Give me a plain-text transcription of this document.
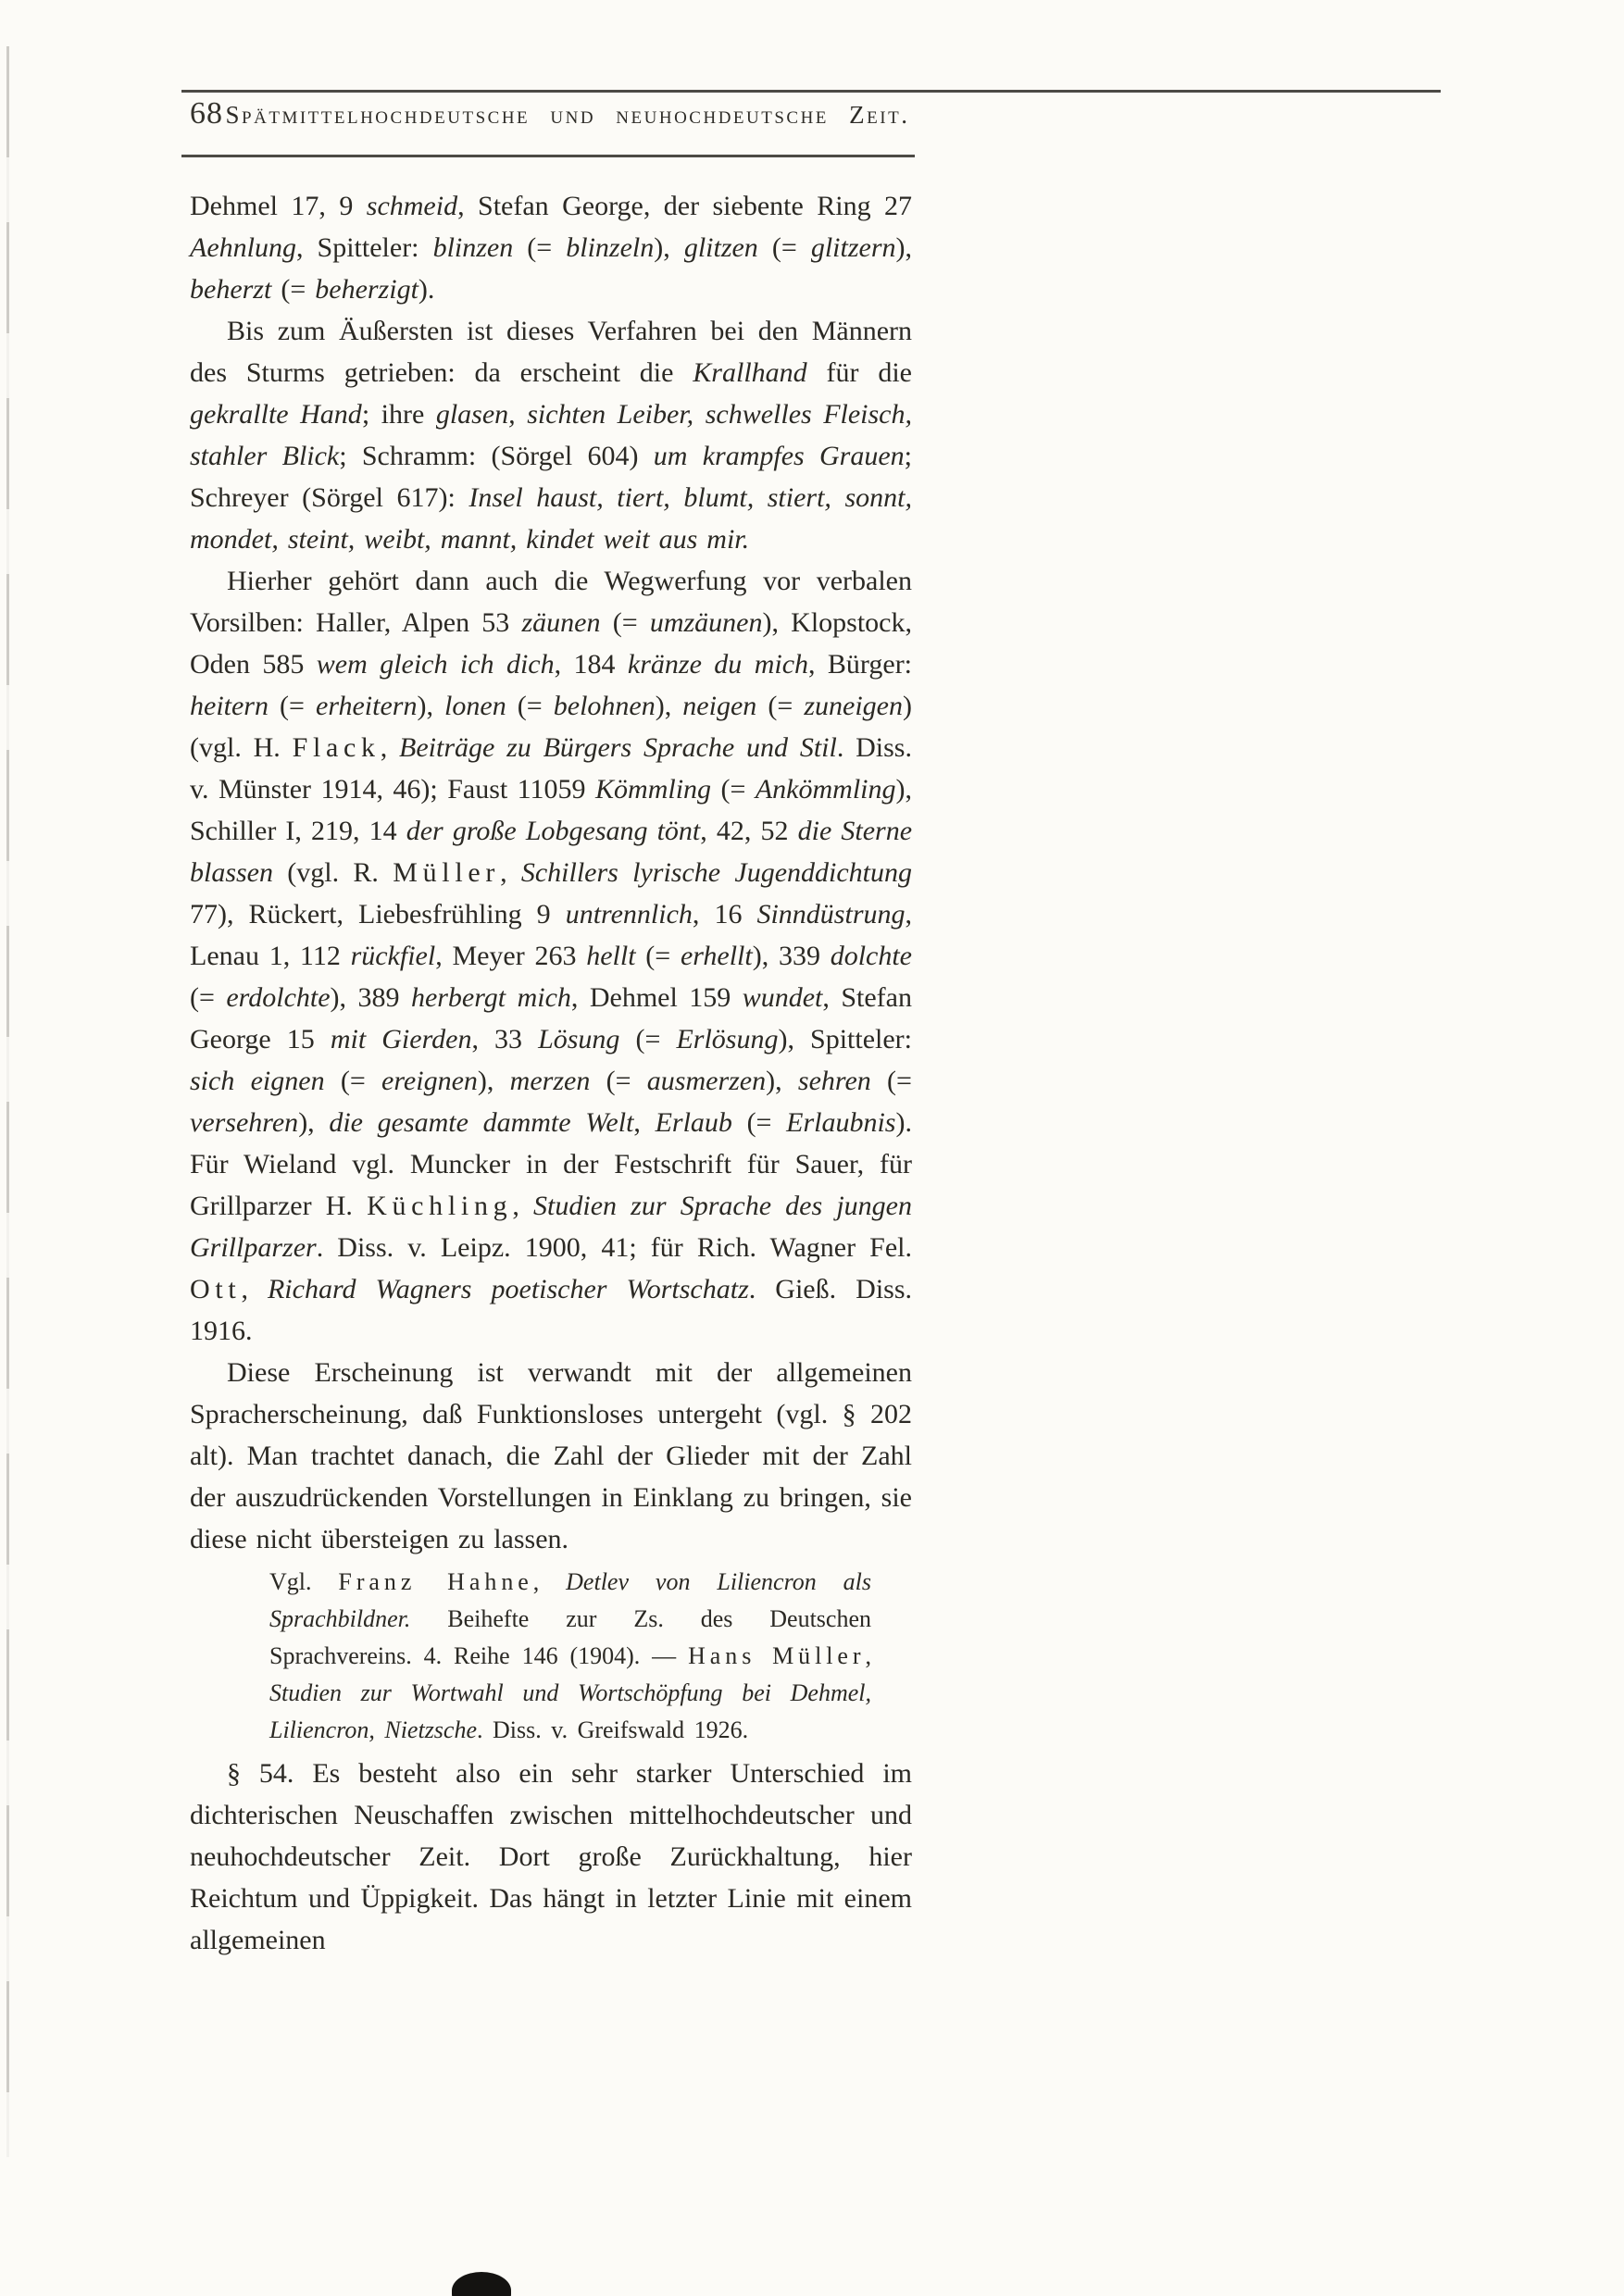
68 Spätmittelhochdeutsche und neuhochdeutsche Zeit.

Dehmel 17, 9 schmeid, Stefan George, der siebente Ring 27 Aehnlung, Spitteler: blinzen (= blinzeln), glitzen (= glitzern), beherzt (= beherzigt).

Bis zum Äußersten ist dieses Verfahren bei den Männern des Sturms getrieben: da erscheint die Krallhand für die gekrallte Hand; ihre glasen, sichten Leiber, schwelles Fleisch, stahler Blick; Schramm: (Sörgel 604) um krampfes Grauen; Schreyer (Sörgel 617): Insel haust, tiert, blumt, stiert, sonnt, mondet, steint, weibt, mannt, kindet weit aus mir.

Hierher gehört dann auch die Wegwerfung vor verbalen Vorsilben: Haller, Alpen 53 zäunen (= umzäunen), Klopstock, Oden 585 wem gleich ich dich, 184 kränze du mich, Bürger: heitern (= erheitern), lonen (= belohnen), neigen (= zuneigen) (vgl. H. Flack, Beiträge zu Bürgers Sprache und Stil. Diss. v. Münster 1914, 46); Faust 11059 Kömmling (= Ankömmling), Schiller I, 219, 14 der große Lobgesang tönt, 42, 52 die Sterne blassen (vgl. R. Müller, Schillers lyrische Jugenddichtung 77), Rückert, Liebesfrühling 9 untrennlich, 16 Sinndüstrung, Lenau 1, 112 rückfiel, Meyer 263 hellt (= erhellt), 339 dolchte (= erdolchte), 389 herbergt mich, Dehmel 159 wundet, Stefan George 15 mit Gierden, 33 Lösung (= Erlösung), Spitteler: sich eignen (= ereignen), merzen (= ausmerzen), sehren (= versehren), die gesamte dammte Welt, Erlaub (= Erlaubnis). Für Wieland vgl. Muncker in der Festschrift für Sauer, für Grillparzer H. Küchling, Studien zur Sprache des jungen Grillparzer. Diss. v. Leipz. 1900, 41; für Rich. Wagner Fel. Ott, Richard Wagners poetischer Wortschatz. Gieß. Diss. 1916.

Diese Erscheinung ist verwandt mit der allgemeinen Spracherscheinung, daß Funktionsloses untergeht (vgl. § 202 alt). Man trachtet danach, die Zahl der Glieder mit der Zahl der auszudrückenden Vorstellungen in Einklang zu bringen, sie diese nicht übersteigen zu lassen.

Vgl. Franz Hahne, Detlev von Liliencron als Sprachbildner. Beihefte zur Zs. des Deutschen Sprachvereins. 4. Reihe 146 (1904). — Hans Müller, Studien zur Wortwahl und Wortschöpfung bei Dehmel, Liliencron, Nietzsche. Diss. v. Greifswald 1926.

§ 54. Es besteht also ein sehr starker Unterschied im dichterischen Neuschaffen zwischen mittelhochdeutscher und neuhochdeutscher Zeit. Dort große Zurückhaltung, hier Reichtum und Üppigkeit. Das hängt in letzter Linie mit einem allgemeinen
